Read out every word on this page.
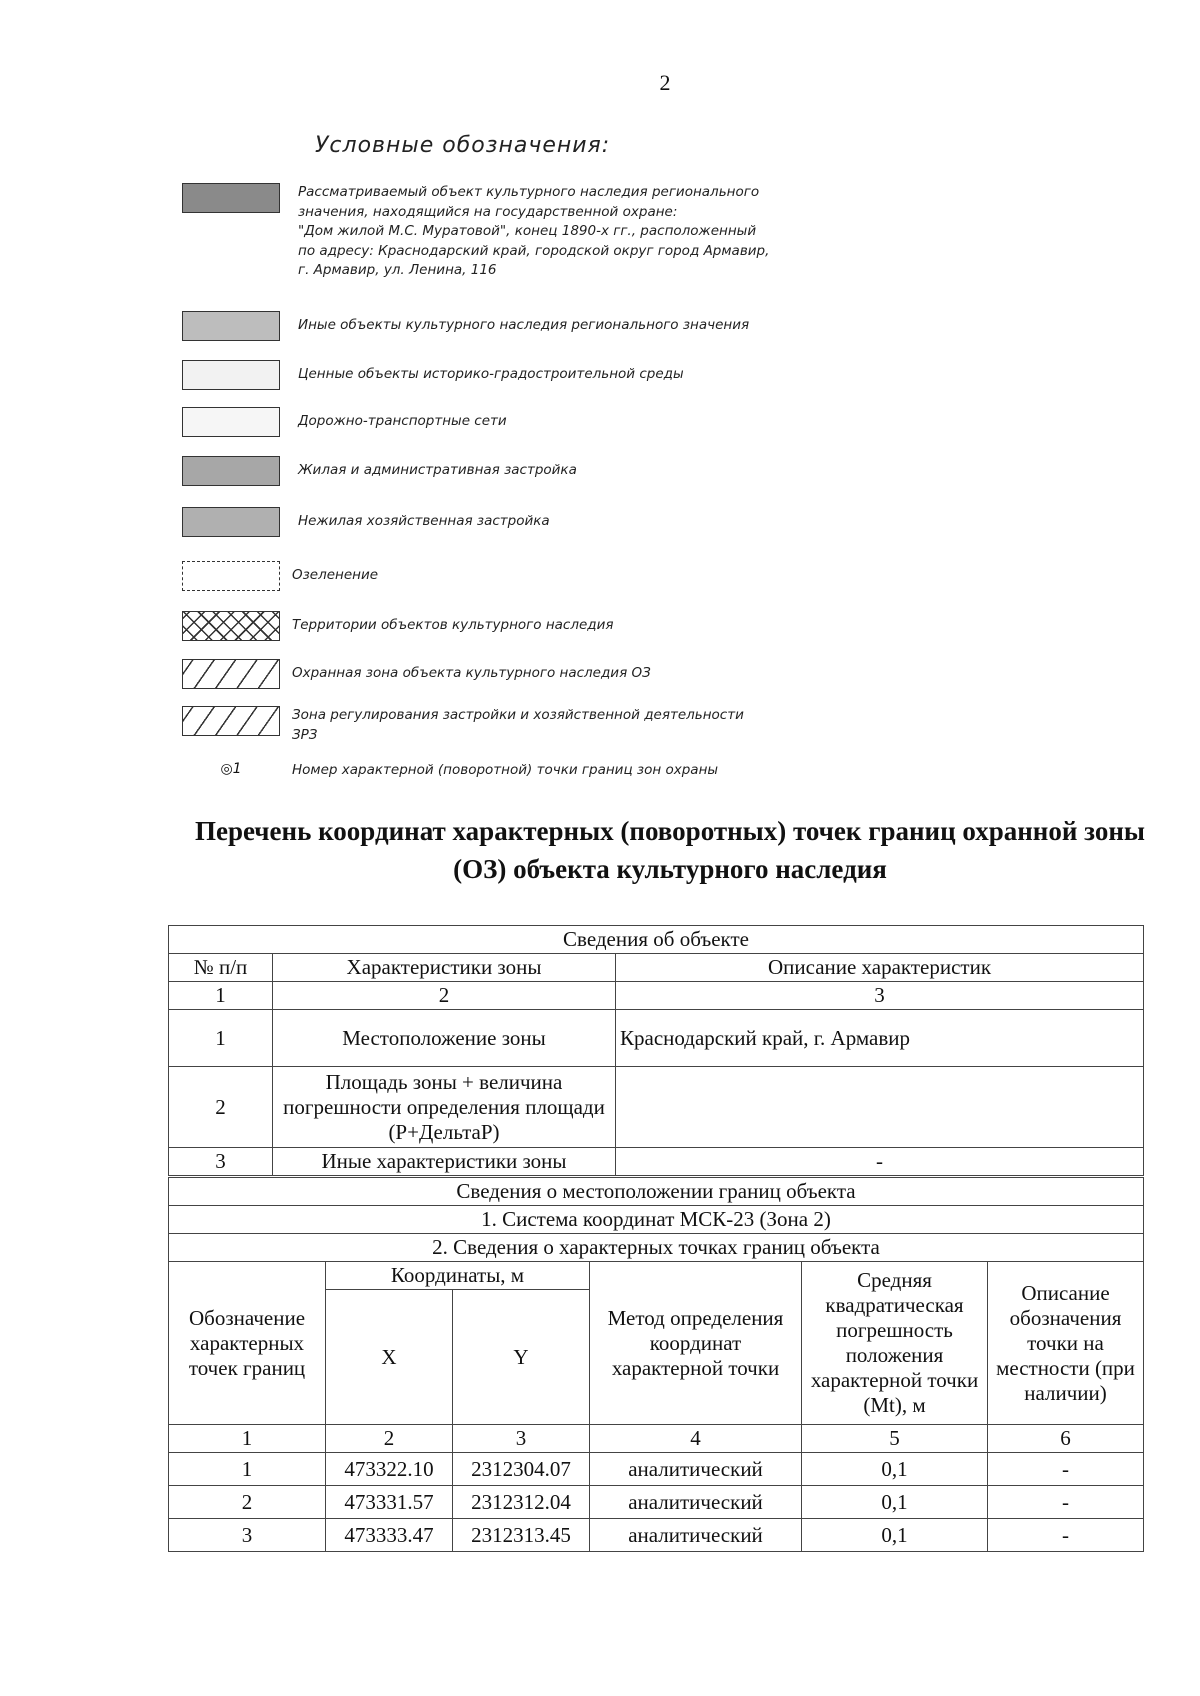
2
Условные обозначения:
Рассматриваемый объект культурного наследия регионального
значения, находящийся на государственной охране:
"Дом жилой М.С. Муратовой", конец 1890-х гг., расположенный
по адресу: Краснодарский край, городской округ город Армавир,
г. Армавир, ул. Ленина, 116
Иные объекты культурного наследия регионального значения
Ценные объекты историко-градостроительной среды
Дорожно-транспортные сети
Жилая и административная застройка
Нежилая хозяйственная застройка
Озеленение
Территории объектов культурного наследия
Охранная зона объекта культурного наследия ОЗ
Зона регулирования застройки и хозяйственной деятельности
ЗРЗ
◎1	Номер характерной (поворотной) точки границ зон охраны
Перечень координат характерных (поворотных) точек границ охранной зоны (ОЗ) объекта культурного наследия
Сведения об объекте		
№ п/п	Характеристики зоны	Описание характеристик
1	2	3
1	Местоположение зоны	Краснодарский край, г. Армавир
2	Площадь зоны + величина погрешности определения площади (Р+ДельтаР)	
3	Иные характеристики зоны	-
Сведения о местоположении границ объекта					
1. Система координат МСК-23 (Зона 2)					
2. Сведения о характерных точках границ объекта					
Обозначение характерных точек границ	Координаты, м		Метод определения координат характерной точки	Средняя квадратическая погрешность положения характерной точки (Mt), м	Описание обозначения точки на местности (при наличии)
	X	Y			
1	2	3	4	5	6
1	473322.10	2312304.07	аналитический	0,1	-
2	473331.57	2312312.04	аналитический	0,1	-
3	473333.47	2312313.45	аналитический	0,1	-
